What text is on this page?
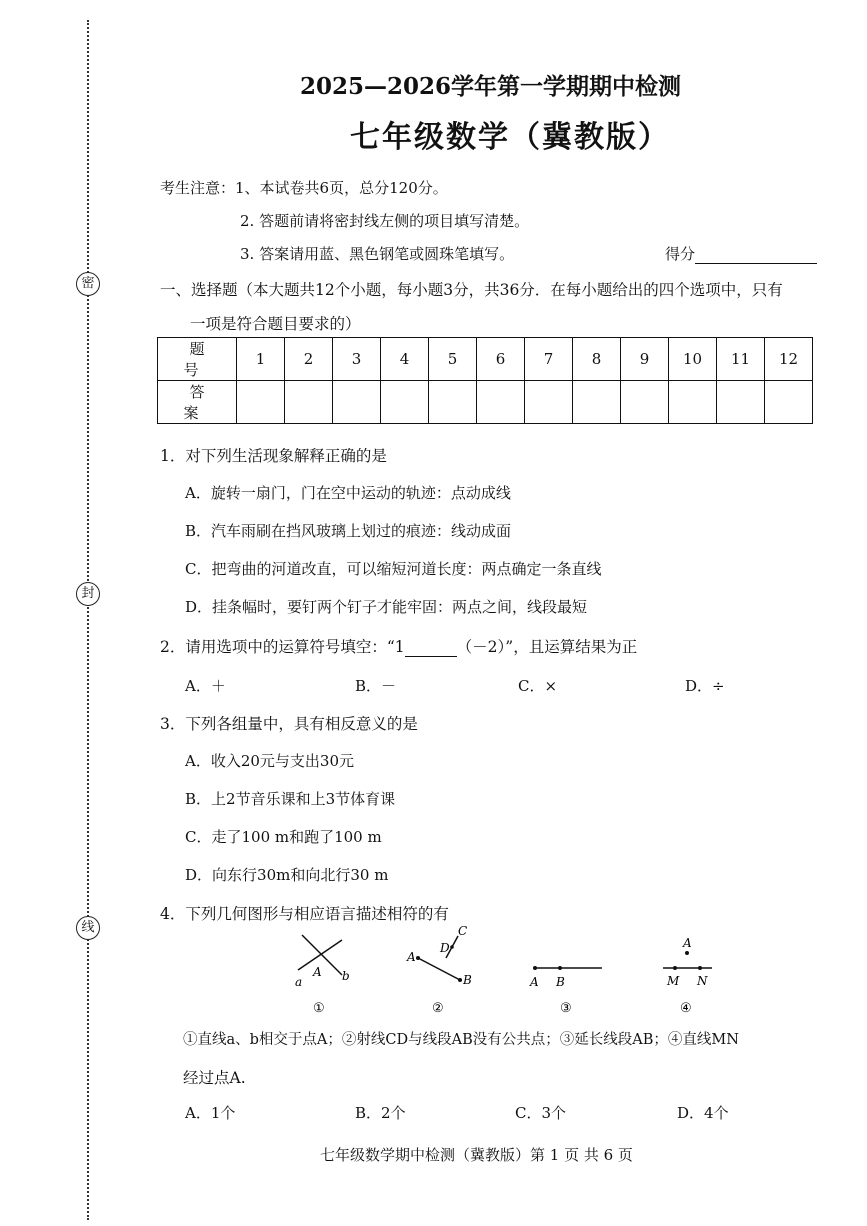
密
封
线
2025—2026学年第一学期期中检测
七年级数学（冀教版）
考生注意：1、本试卷共6页，总分120分。
2. 答题前请将密封线左侧的项目填写清楚。
3. 答案请用蓝、黑色钢笔或圆珠笔填写。	得分
一、选择题（本大题共12个小题，每小题3分，共36分．在每小题给出的四个选项中，只有
一项是符合题目要求的）
题 号	1	2	3	4	5	6	7	8	9	10	11	12
答 案												
1．对下列生活现象解释正确的是
A．旋转一扇门，门在空中运动的轨迹：点动成线
B．汽车雨刷在挡风玻璃上划过的痕迹：线动成面
C．把弯曲的河道改直，可以缩短河道长度：两点确定一条直线
D．挂条幅时，要钉两个钉子才能牢固：两点之间，线段最短
2．请用选项中的运算符号填空：“1	（－2）”，且运算结果为正
A．＋	B．－	C．×	D．÷
3．下列各组量中，具有相反意义的是
A．收入20元与支出30元
B．上2节音乐课和上3节体育课
C．走了100 m和跑了100 m
D．向东行30m和向北行30 m
4．下列几何图形与相应语言描述相符的有
a	b
A
①
A
B
C
D
②
A B
③
A
M N
④
①直线a、b相交于点A；②射线CD与线段AB没有公共点；③延长线段AB；④直线MN
经过点A.
A．1个	B．2个	C．3个	D．4个
七年级数学期中检测（冀教版）第 1 页 共 6 页
